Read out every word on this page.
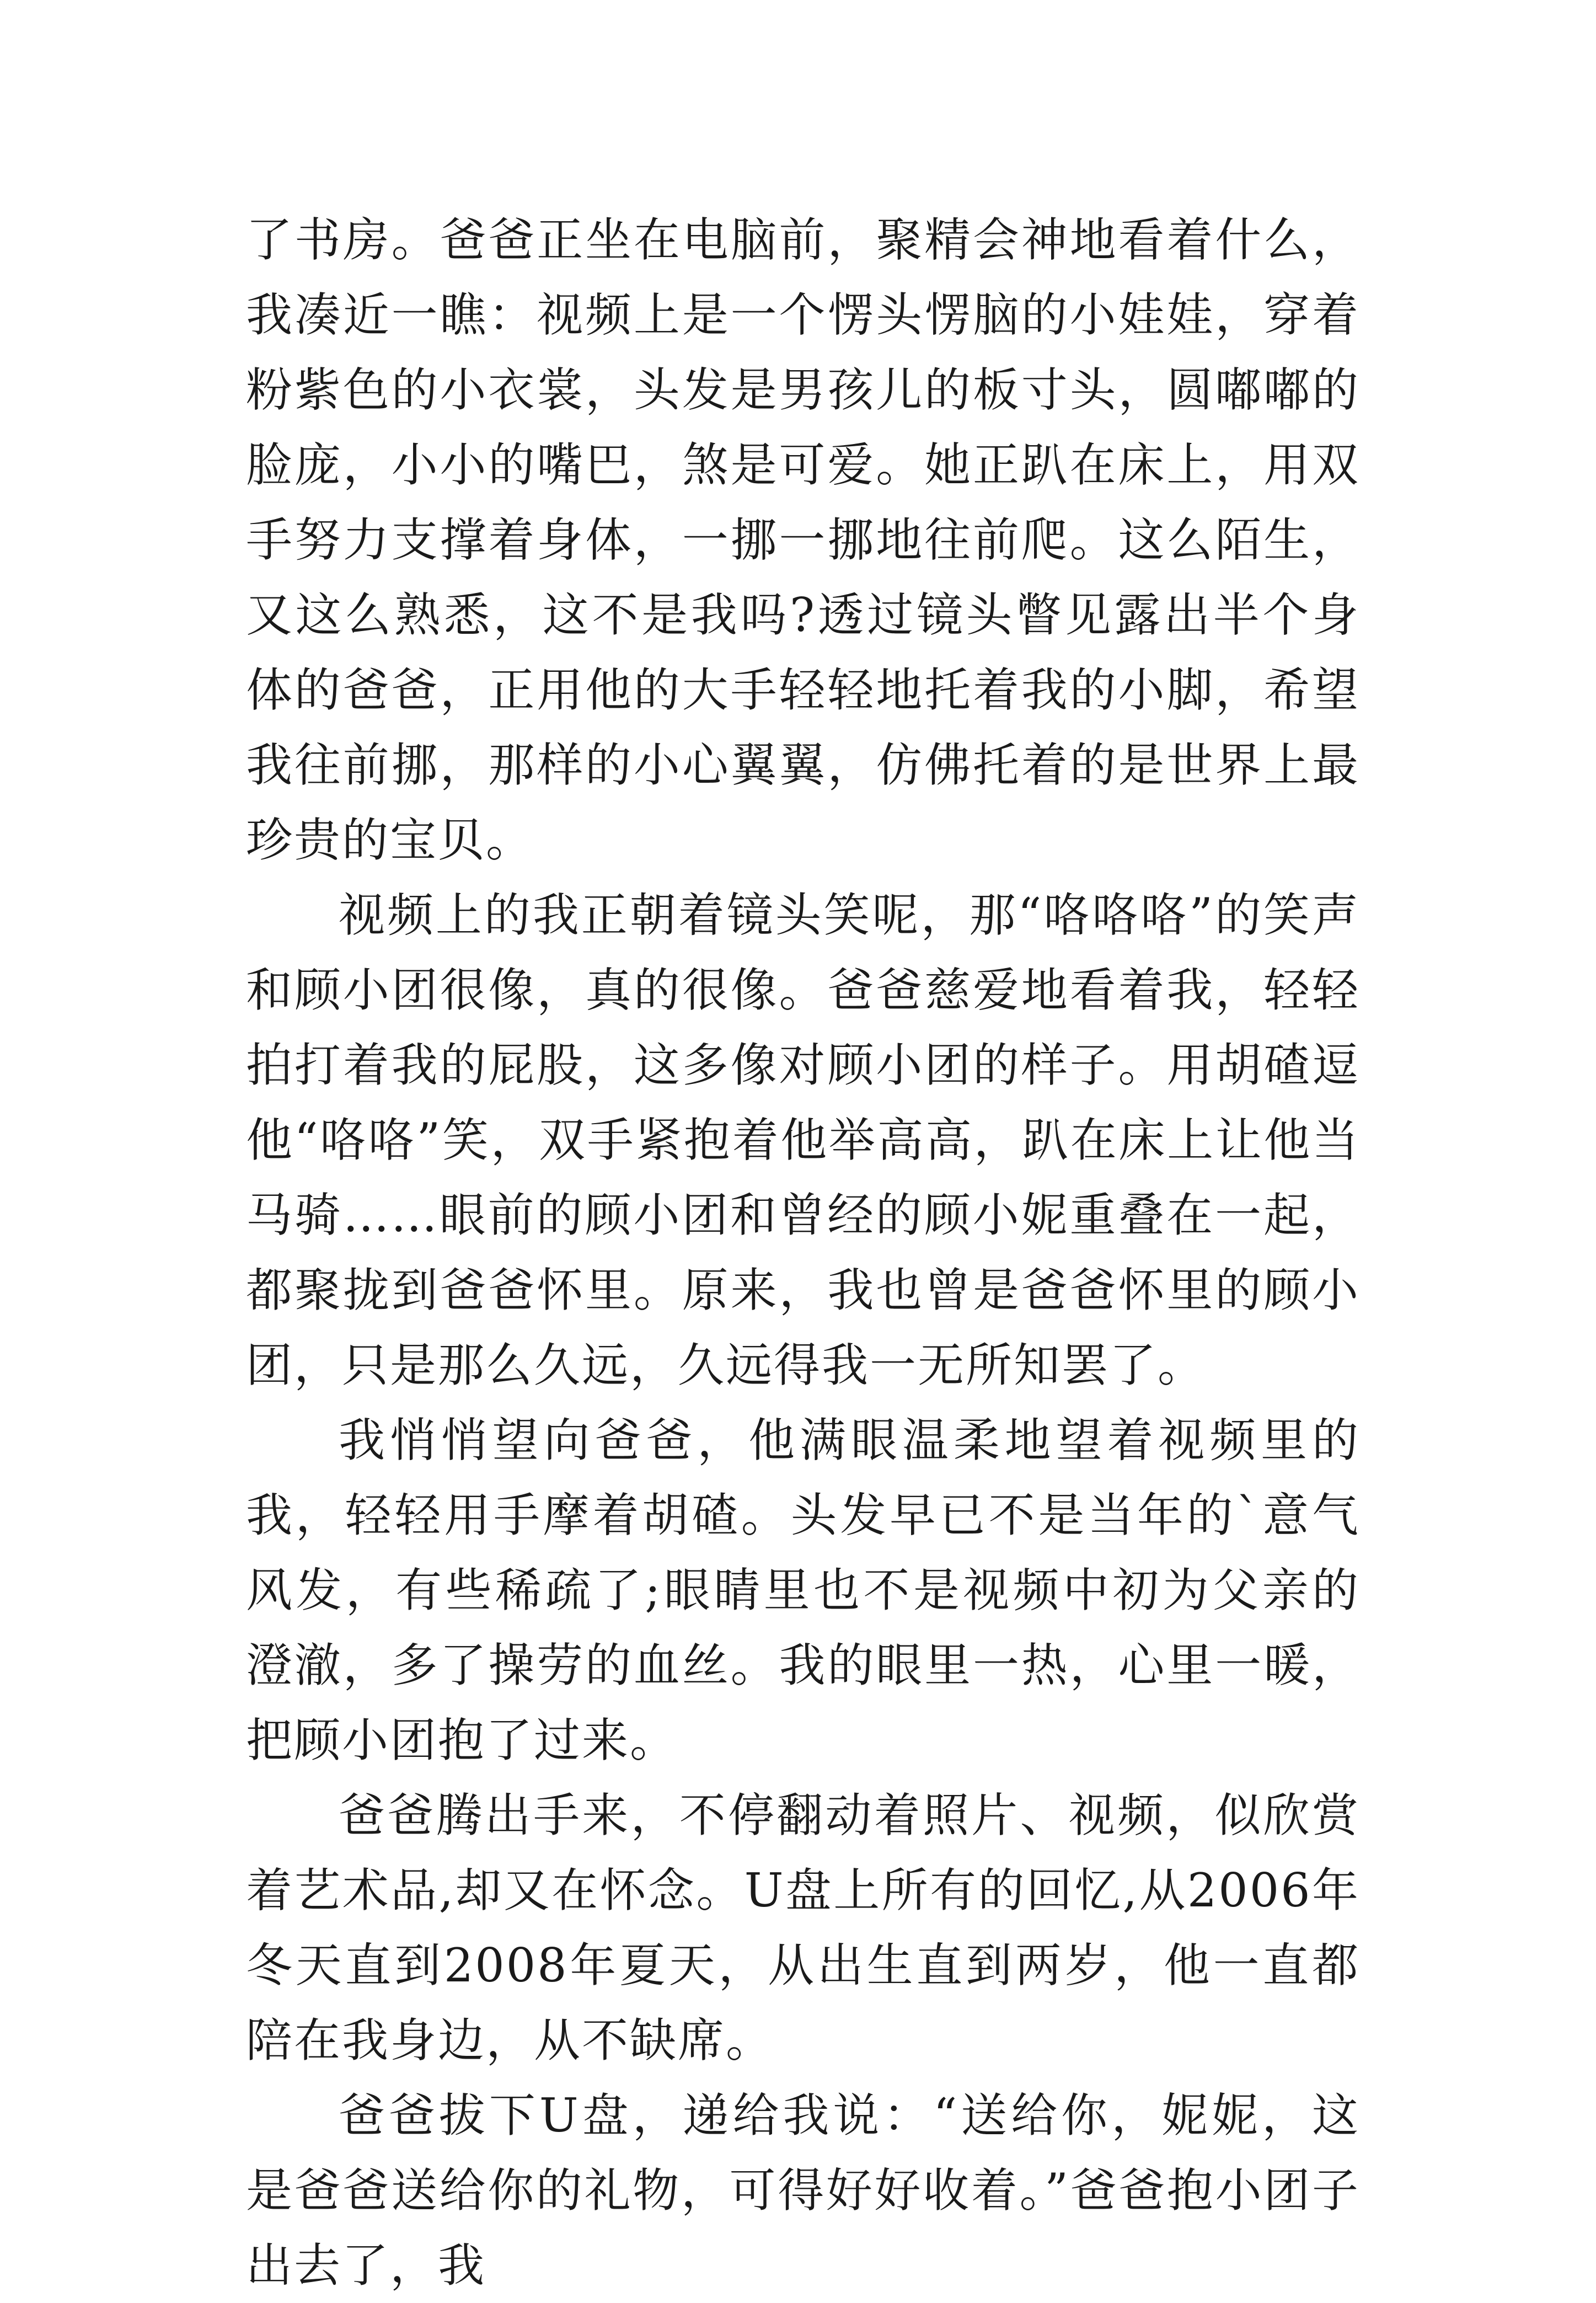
了书房。爸爸正坐在电脑前，聚精会神地看着什么，我凑近一瞧：视频上是一个愣头愣脑的小娃娃，穿着粉紫色的小衣裳，头发是男孩儿的板寸头，圆嘟嘟的脸庞，小小的嘴巴，煞是可爱。她正趴在床上，用双手努力支撑着身体，一挪一挪地往前爬。这么陌生，又这么熟悉，这不是我吗?透过镜头瞥见露出半个身体的爸爸，正用他的大手轻轻地托着我的小脚，希望我往前挪，那样的小心翼翼，仿佛托着的是世界上最珍贵的宝贝。

视频上的我正朝着镜头笑呢，那“咯咯咯”的笑声和顾小团很像，真的很像。爸爸慈爱地看着我，轻轻拍打着我的屁股，这多像对顾小团的样子。用胡碴逗他“咯咯”笑，双手紧抱着他举高高，趴在床上让他当马骑……眼前的顾小团和曾经的顾小妮重叠在一起，都聚拢到爸爸怀里。原来，我也曾是爸爸怀里的顾小团，只是那么久远，久远得我一无所知罢了。

我悄悄望向爸爸，他满眼温柔地望着视频里的我，轻轻用手摩着胡碴。头发早已不是当年的`意气风发，有些稀疏了;眼睛里也不是视频中初为父亲的澄澈，多了操劳的血丝。我的眼里一热，心里一暖，把顾小团抱了过来。

爸爸腾出手来，不停翻动着照片、视频，似欣赏着艺术品,却又在怀念。U盘上所有的回忆,从2006年冬天直到2008年夏天，从出生直到两岁，他一直都陪在我身边，从不缺席。

爸爸拔下U盘，递给我说：“送给你，妮妮，这是爸爸送给你的礼物，可得好好收着。”爸爸抱小团子出去了，我
